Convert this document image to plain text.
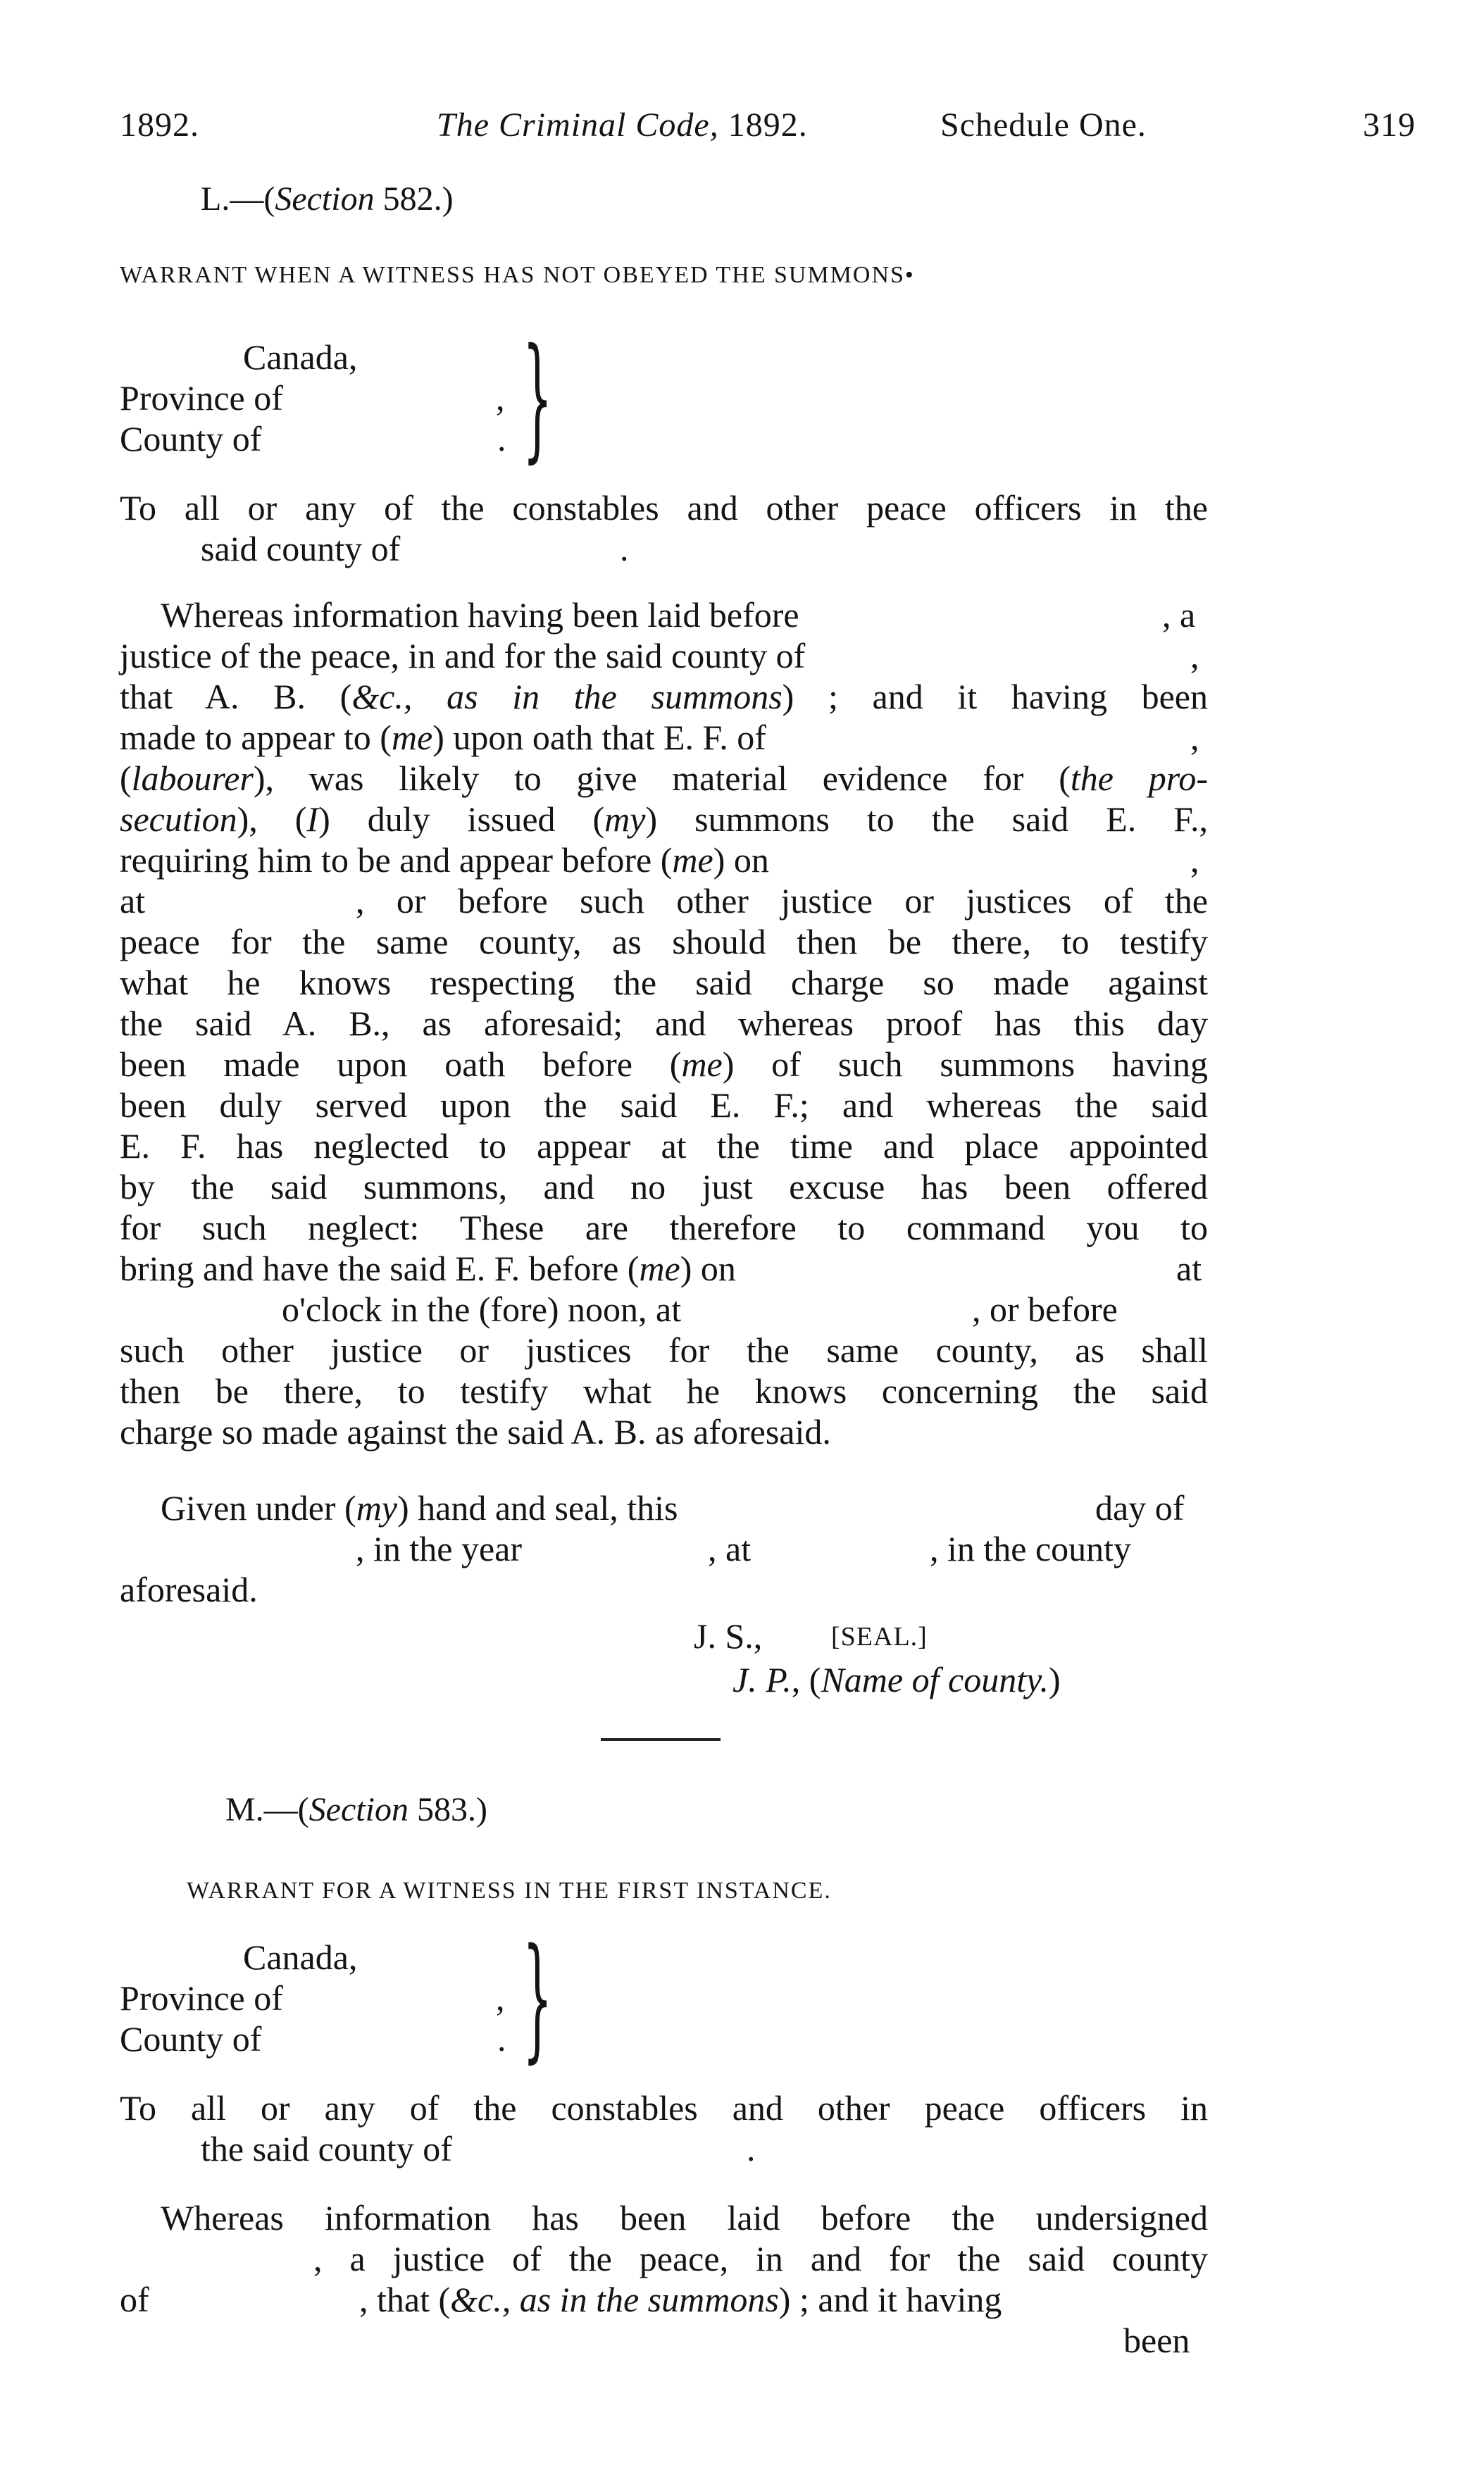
1892.	The Criminal Code, 1892.	Schedule One.	319
L.—(Section 582.)
WARRANT WHEN A WITNESS HAS NOT OBEYED THE SUMMONS•
Canada,
Province of
County of
,
. }
To all or any of the constables and other peace officers in the
said county of	.
Whereas information having been laid before	, a
justice of the peace, in and for the said county of	,
that A. B. (&c., as in the summons) ; and it having been
made to appear to (me) upon oath that E. F. of	,
(labourer), was likely to give material evidence for (the pro-
secution), (I) duly issued (my) summons to the said E. F.,
requiring him to be and appear before (me) on	,
at	, or before such other justice or justices of the
peace for the same county, as should then be there, to testify
what he knows respecting the said charge so made against
the said A. B., as aforesaid; and whereas proof has this day
been made upon oath before (me) of such summons having
been duly served upon the said E. F.; and whereas the said
E. F. has neglected to appear at the time and place appointed
by the said summons, and no just excuse has been offered
for such neglect: These are therefore to command you to
bring and have the said E. F. before (me) on	at
o'clock in the (fore) noon, at	, or before
such other justice or justices for the same county, as shall
then be there, to testify what he knows concerning the said
charge so made against the said A. B. as aforesaid.
Given under (my) hand and seal, this	day of
, in the year	, at	, in the county
aforesaid.
J. S.,	[SEAL.]
J. P., (Name of county.)
M.—(Section 583.)
WARRANT FOR A WITNESS IN THE FIRST INSTANCE.
Canada,
Province of
County of
,
. }
To all or any of the constables and other peace officers in
the said county of	.
Whereas information has been laid before the undersigned
, a justice of the peace, in and for the said county
of	, that (&c., as in the summons) ; and it having
been
